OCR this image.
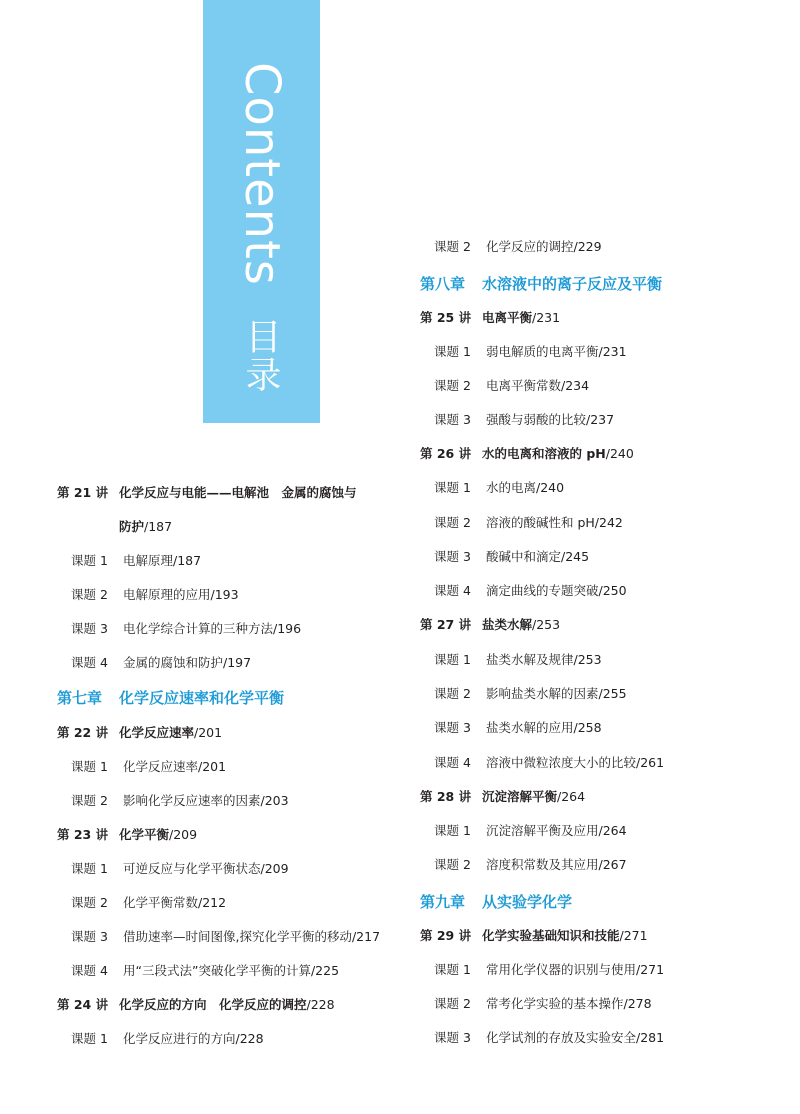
Contents
目录
第 21 讲 化学反应与电能——电解池　金属的腐蚀与
防护/187
课题 1 电解原理/187
课题 2 电解原理的应用/193
课题 3 电化学综合计算的三种方法/196
课题 4 金属的腐蚀和防护/197
第七章 化学反应速率和化学平衡
第 22 讲 化学反应速率/201
课题 1 化学反应速率/201
课题 2 影响化学反应速率的因素/203
第 23 讲 化学平衡/209
课题 1 可逆反应与化学平衡状态/209
课题 2 化学平衡常数/212
课题 3 借助速率—时间图像,探究化学平衡的移动/217
课题 4 用“三段式法”突破化学平衡的计算/225
第 24 讲 化学反应的方向　化学反应的调控/228
课题 1 化学反应进行的方向/228
课题 2 化学反应的调控/229
第八章 水溶液中的离子反应及平衡
第 25 讲 电离平衡/231
课题 1 弱电解质的电离平衡/231
课题 2 电离平衡常数/234
课题 3 强酸与弱酸的比较/237
第 26 讲 水的电离和溶液的 pH/240
课题 1 水的电离/240
课题 2 溶液的酸碱性和 pH/242
课题 3 酸碱中和滴定/245
课题 4 滴定曲线的专题突破/250
第 27 讲 盐类水解/253
课题 1 盐类水解及规律/253
课题 2 影响盐类水解的因素/255
课题 3 盐类水解的应用/258
课题 4 溶液中微粒浓度大小的比较/261
第 28 讲 沉淀溶解平衡/264
课题 1 沉淀溶解平衡及应用/264
课题 2 溶度积常数及其应用/267
第九章 从实验学化学
第 29 讲 化学实验基础知识和技能/271
课题 1 常用化学仪器的识别与使用/271
课题 2 常考化学实验的基本操作/278
课题 3 化学试剂的存放及实验安全/281
